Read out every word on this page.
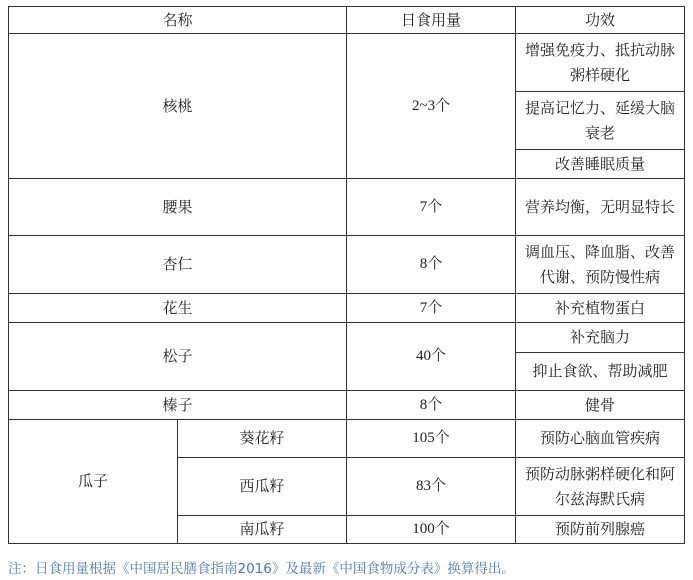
名称		日食用量	功效
核桃		2~3个	增强免疫力、抵抗动脉粥样硬化
			提高记忆力、延缓大脑衰老
			改善睡眠质量
腰果		7个	营养均衡，无明显特长
杏仁		8个	调血压、降血脂、改善代谢、预防慢性病
花生		7个	补充植物蛋白
松子		40个	补充脑力
			抑止食欲、帮助减肥
榛子		8个	健骨
瓜子	葵花籽	105个	预防心脑血管疾病
	西瓜籽	83个	预防动脉粥样硬化和阿尔兹海默氏病
	南瓜籽	100个	预防前列腺癌
注：日食用量根据《中国居民膳食指南2016》及最新《中国食物成分表》换算得出。
